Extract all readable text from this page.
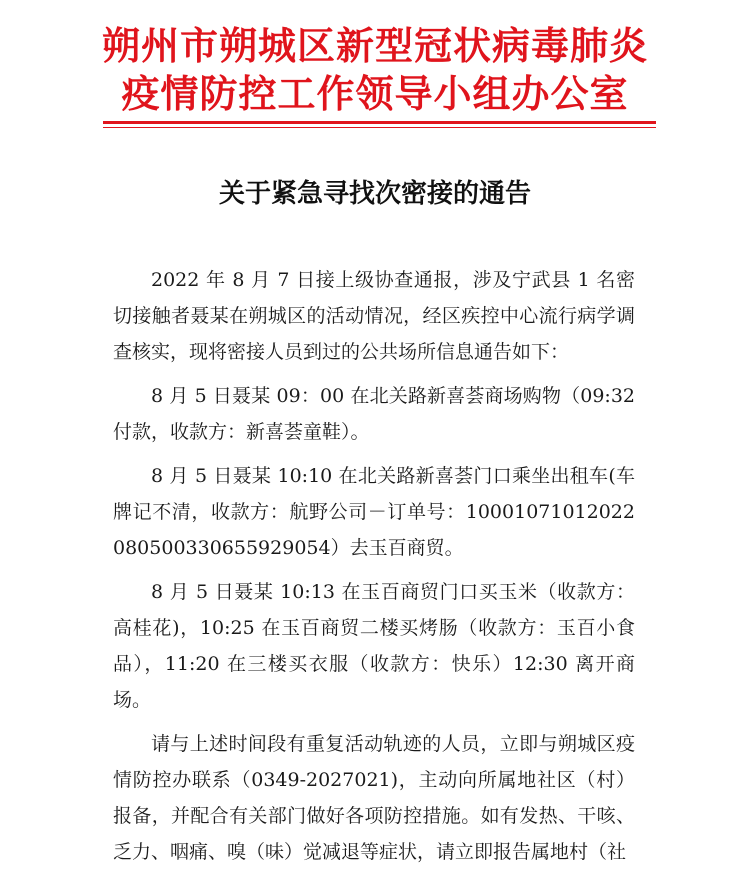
朔州市朔城区新型冠状病毒肺炎
疫情防控工作领导小组办公室
关于紧急寻找次密接的通告

2022 年 8 月 7 日接上级协查通报，涉及宁武县 1 名密切接触者聂某在朔城区的活动情况，经区疾控中心流行病学调查核实，现将密接人员到过的公共场所信息通告如下：

8 月 5 日聂某 09：00 在北关路新喜荟商场购物（09:32 付款，收款方：新喜荟童鞋）。

8 月 5 日聂某 10:10 在北关路新喜荟门口乘坐出租车(车牌记不清，收款方：航野公司－订单号：10001071012022080500330655929054）去玉百商贸。

8 月 5 日聂某 10:13 在玉百商贸门口买玉米（收款方：高桂花)，10:25 在玉百商贸二楼买烤肠（收款方：玉百小食品），11:20 在三楼买衣服（收款方：快乐）12:30 离开商场。

请与上述时间段有重复活动轨迹的人员，立即与朔城区疫情防控办联系（0349-2027021)，主动向所属地社区（村）报备，并配合有关部门做好各项防控措施。如有发热、干咳、乏力、咽痛、嗅（味）觉减退等症状，请立即报告属地村（社
